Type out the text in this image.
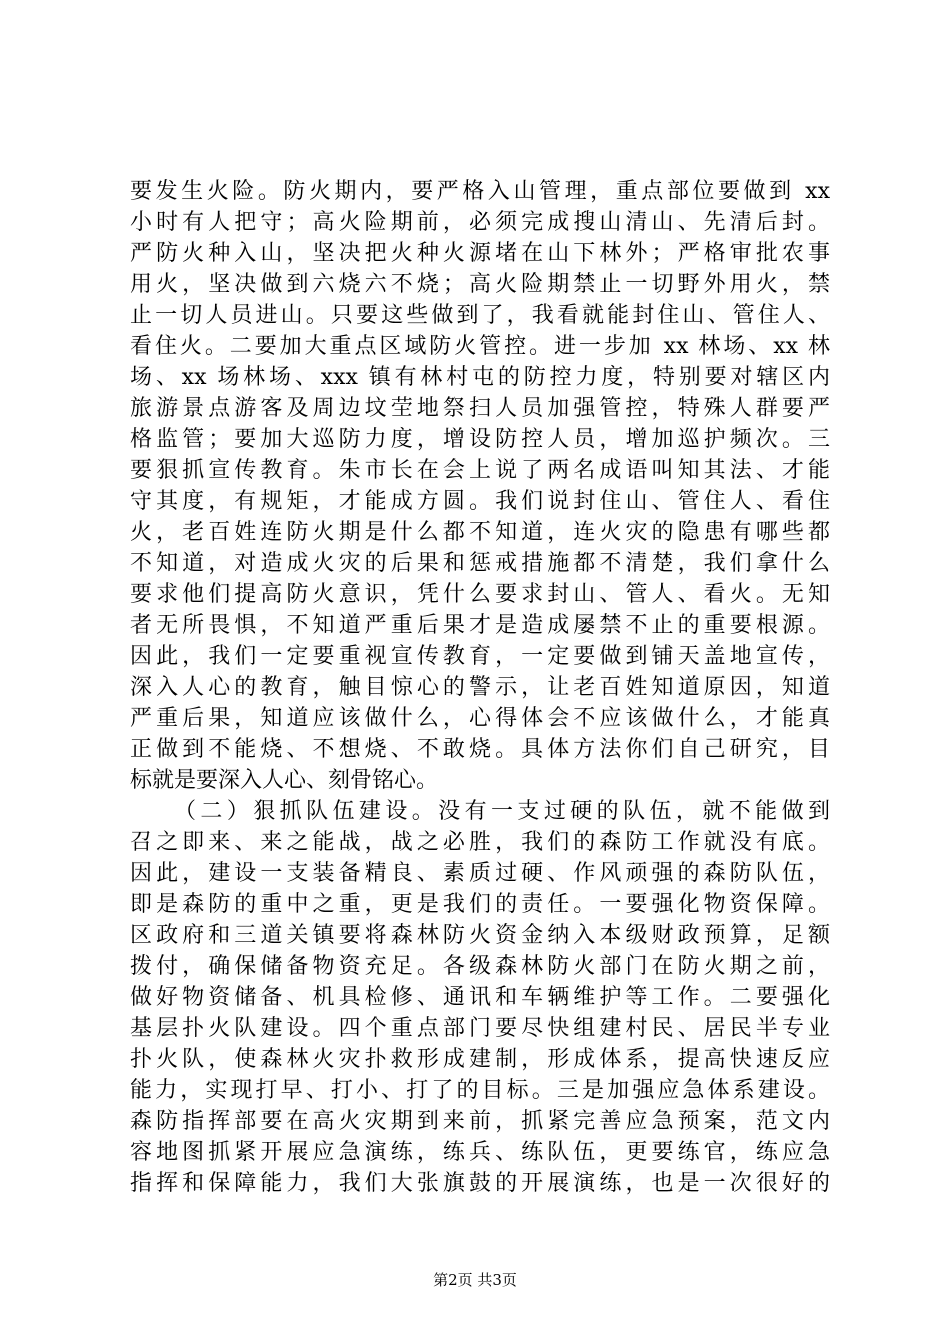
要发生火险。防火期内，要严格入山管理，重点部位要做到 xx
小时有人把守；高火险期前，必须完成搜山清山、先清后封。
严防火种入山，坚决把火种火源堵在山下林外；严格审批农事
用火，坚决做到六烧六不烧；高火险期禁止一切野外用火，禁
止一切人员进山。只要这些做到了，我看就能封住山、管住人、
看住火。二要加大重点区域防火管控。进一步加 xx 林场、xx 林
场、xx 场林场、xxx 镇有林村屯的防控力度，特别要对辖区内
旅游景点游客及周边坟茔地祭扫人员加强管控，特殊人群要严
格监管；要加大巡防力度，增设防控人员，增加巡护频次。三
要狠抓宣传教育。朱市长在会上说了两名成语叫知其法、才能
守其度，有规矩，才能成方圆。我们说封住山、管住人、看住
火，老百姓连防火期是什么都不知道，连火灾的隐患有哪些都
不知道，对造成火灾的后果和惩戒措施都不清楚，我们拿什么
要求他们提高防火意识，凭什么要求封山、管人、看火。无知
者无所畏惧，不知道严重后果才是造成屡禁不止的重要根源。
因此，我们一定要重视宣传教育，一定要做到铺天盖地宣传，
深入人心的教育，触目惊心的警示，让老百姓知道原因，知道
严重后果，知道应该做什么，心得体会不应该做什么，才能真
正做到不能烧、不想烧、不敢烧。具体方法你们自己研究，目
标就是要深入人心、刻骨铭心。
（二）狠抓队伍建设。没有一支过硬的队伍，就不能做到
召之即来、来之能战，战之必胜，我们的森防工作就没有底。
因此，建设一支装备精良、素质过硬、作风顽强的森防队伍，
即是森防的重中之重，更是我们的责任。一要强化物资保障。
区政府和三道关镇要将森林防火资金纳入本级财政预算，足额
拨付，确保储备物资充足。各级森林防火部门在防火期之前，
做好物资储备、机具检修、通讯和车辆维护等工作。二要强化
基层扑火队建设。四个重点部门要尽快组建村民、居民半专业
扑火队，使森林火灾扑救形成建制，形成体系，提高快速反应
能力，实现打早、打小、打了的目标。三是加强应急体系建设。
森防指挥部要在高火灾期到来前，抓紧完善应急预案，范文内
容地图抓紧开展应急演练，练兵、练队伍，更要练官，练应急
指挥和保障能力，我们大张旗鼓的开展演练，也是一次很好的
第2页 共3页
